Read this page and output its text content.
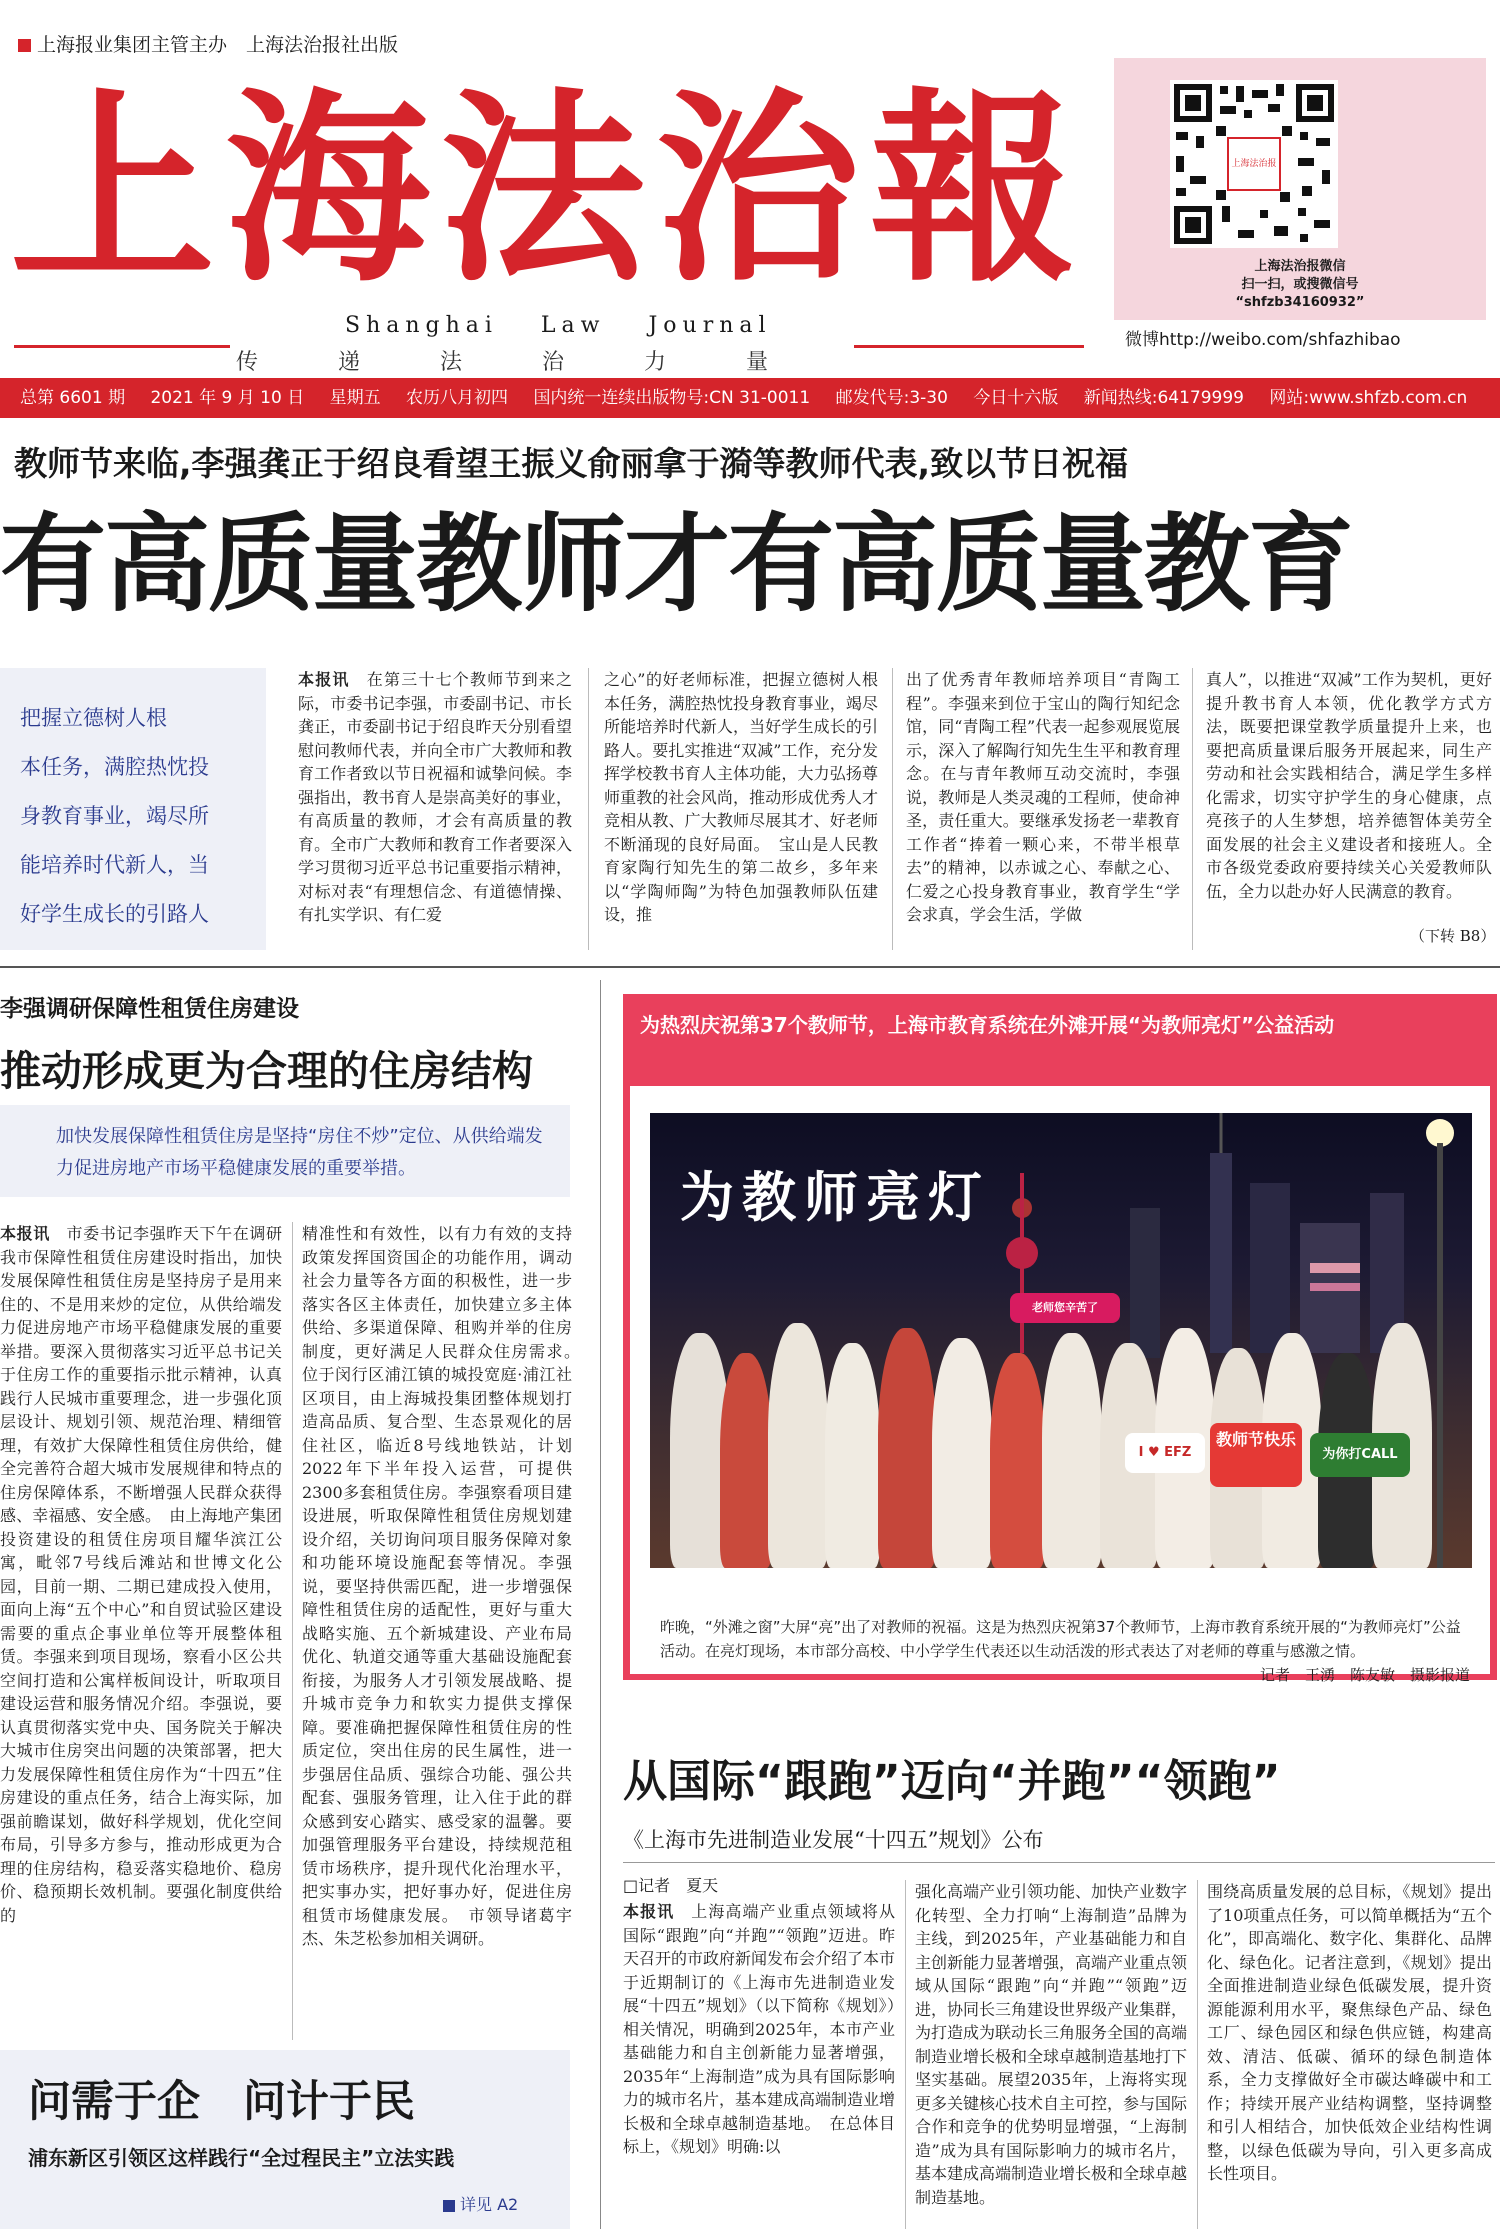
上海报业集团主管主办　上海法治报社出版
上海法治報
Shanghai Law Journal
传递法治力量
上海法治报
上海法治报微信
扫一扫，或搜微信号
“shfzb34160932”
微博http://weibo.com/shfazhibao
总第 6601 期 2021 年 9 月 10 日 星期五 农历八月初四 国内统一连续出版物号:CN 31-0011 邮发代号:3-30 今日十六版 新闻热线:64179999 网站:www.shfzb.com.cn
教师节来临,李强龚正于绍良看望王振义俞丽拿于漪等教师代表,致以节日祝福
有高质量教师才有高质量教育
把握立德树人根
本任务，满腔热忱投
身教育事业，竭尽所
能培养时代新人，当
好学生成长的引路人
本报讯　 在第三十七个教师节到来之际，市委书记李强，市委副书记、市长龚正，市委副书记于绍良昨天分别看望慰问教师代表，并向全市广大教师和教育工作者致以节日祝福和诚挚问候。李强指出，教书育人是崇高美好的事业，有高质量的教师，才会有高质量的教育。全市广大教师和教育工作者要深入学习贯彻习近平总书记重要指示精神，对标对表“有理想信念、有道德情操、有扎实学识、有仁爱
之心”的好老师标准，把握立德树人根本任务，满腔热忱投身教育事业，竭尽所能培养时代新人，当好学生成长的引路人。要扎实推进“双减”工作，充分发挥学校教书育人主体功能，大力弘扬尊师重教的社会风尚，推动形成优秀人才竞相从教、广大教师尽展其才、好老师不断涌现的良好局面。　宝山是人民教育家陶行知先生的第二故乡，多年来以“学陶师陶”为特色加强教师队伍建设，推
出了优秀青年教师培养项目“青陶工程”。李强来到位于宝山的陶行知纪念馆，同“青陶工程”代表一起参观展览展示，深入了解陶行知先生生平和教育理念。在与青年教师互动交流时，李强说，教师是人类灵魂的工程师，使命神圣，责任重大。要继承发扬老一辈教育工作者“捧着一颗心来，不带半根草去”的精神，以赤诚之心、奉献之心、仁爱之心投身教育事业，教育学生“学会求真，学会生活，学做
真人”，以推进“双减”工作为契机，更好提升教书育人本领，优化教学方式方法，既要把课堂教学质量提升上来，也要把高质量课后服务开展起来，同生产劳动和社会实践相结合，满足学生多样化需求，切实守护学生的身心健康，点亮孩子的人生梦想，培养德智体美劳全面发展的社会主义建设者和接班人。全市各级党委政府要持续关心关爱教师队伍，全力以赴办好人民满意的教育。
（下转 B8）
李强调研保障性租赁住房建设
推动形成更为合理的住房结构
加快发展保障性租赁住房是坚持“房住不炒”定位、从供给端发力促进房地产市场平稳健康发展的重要举措。
本报讯　 市委书记李强昨天下午在调研我市保障性租赁住房建设时指出，加快发展保障性租赁住房是坚持房子是用来住的、不是用来炒的定位，从供给端发力促进房地产市场平稳健康发展的重要举措。要深入贯彻落实习近平总书记关于住房工作的重要指示批示精神，认真践行人民城市重要理念，进一步强化顶层设计、规划引领、规范治理、精细管理，有效扩大保障性租赁住房供给，健全完善符合超大城市发展规律和特点的住房保障体系，不断增强人民群众获得感、幸福感、安全感。　由上海地产集团投资建设的租赁住房项目耀华滨江公寓，毗邻7号线后滩站和世博文化公园，目前一期、二期已建成投入使用，面向上海“五个中心”和自贸试验区建设需要的重点企事业单位等开展整体租赁。李强来到项目现场，察看小区公共空间打造和公寓样板间设计，听取项目建设运营和服务情况介绍。李强说，要认真贯彻落实党中央、国务院关于解决大城市住房突出问题的决策部署，把大力发展保障性租赁住房作为“十四五”住房建设的重点任务，结合上海实际，加强前瞻谋划，做好科学规划，优化空间布局，引导多方参与，推动形成更为合理的住房结构，稳妥落实稳地价、稳房价、稳预期长效机制。要强化制度供给的
精准性和有效性，以有力有效的支持政策发挥国资国企的功能作用，调动社会力量等各方面的积极性，进一步落实各区主体责任，加快建立多主体供给、多渠道保障、租购并举的住房制度，更好满足人民群众住房需求。　位于闵行区浦江镇的城投宽庭·浦江社区项目，由上海城投集团整体规划打造高品质、复合型、生态景观化的居住社区，临近8号线地铁站，计划2022年下半年投入运营，可提供2300多套租赁住房。李强察看项目建设进展，听取保障性租赁住房规划建设介绍，关切询问项目服务保障对象和功能环境设施配套等情况。李强说，要坚持供需匹配，进一步增强保障性租赁住房的适配性，更好与重大战略实施、五个新城建设、产业布局优化、轨道交通等重大基础设施配套衔接，为服务人才引领发展战略、提升城市竞争力和软实力提供支撑保障。要准确把握保障性租赁住房的性质定位，突出住房的民生属性，进一步强居住品质、强综合功能、强公共配套、强服务管理，让入住于此的群众感到安心踏实、感受家的温馨。要加强管理服务平台建设，持续规范租赁市场秩序，提升现代化治理水平，把实事办实，把好事办好，促进住房租赁市场健康发展。　市领导诸葛宇杰、朱芝松参加相关调研。
为热烈庆祝第37个教师节，上海市教育系统在外滩开展“为教师亮灯”公益活动
教师节快乐
为你打CALL
老师您辛苦了
I ♥ EFZ
为教师亮灯
昨晚，“外滩之窗”大屏“亮”出了对教师的祝福。这是为热烈庆祝第37个教师节，上海市教育系统开展的“为教师亮灯”公益活动。在亮灯现场，本市部分高校、中小学学生代表还以生动活泼的形式表达了对老师的尊重与感激之情。

记者　王湧　陈友敏　摄影报道
从国际“跟跑”迈向“并跑”“领跑”
《上海市先进制造业发展“十四五”规划》公布
□记者　夏天
本报讯　 上海高端产业重点领域将从国际“跟跑”向“并跑”“领跑”迈进。昨天召开的市政府新闻发布会介绍了本市于近期制订的《上海市先进制造业发展“十四五”规划》（以下简称《规划》）相关情况，明确到2025年，本市产业基础能力和自主创新能力显著增强，2035年“上海制造”成为具有国际影响力的城市名片，基本建成高端制造业增长极和全球卓越制造基地。　在总体目标上，《规划》明确:以
强化高端产业引领功能、加快产业数字化转型、全力打响“上海制造”品牌为主线，到2025年，产业基础能力和自主创新能力显著增强，高端产业重点领域从国际“跟跑”向“并跑”“领跑”迈进，协同长三角建设世界级产业集群，为打造成为联动长三角服务全国的高端制造业增长极和全球卓越制造基地打下坚实基础。展望2035年，上海将实现更多关键核心技术自主可控，参与国际合作和竞争的优势明显增强，“上海制造”成为具有国际影响力的城市名片，基本建成高端制造业增长极和全球卓越制造基地。
围绕高质量发展的总目标，《规划》提出了10项重点任务，可以简单概括为“五个化”，即高端化、数字化、集群化、品牌化、绿色化。记者注意到，《规划》提出全面推进制造业绿色低碳发展，提升资源能源利用水平，聚焦绿色产品、绿色工厂、绿色园区和绿色供应链，构建高效、清洁、低碳、循环的绿色制造体系，全力支撑做好全市碳达峰碳中和工作；持续开展产业结构调整，坚持调整和引人相结合，加快低效企业结构性调整，以绿色低碳为导向，引入更多高成长性项目。
问需于企　问计于民
浦东新区引领区这样践行“全过程民主”立法实践
详见 A2
